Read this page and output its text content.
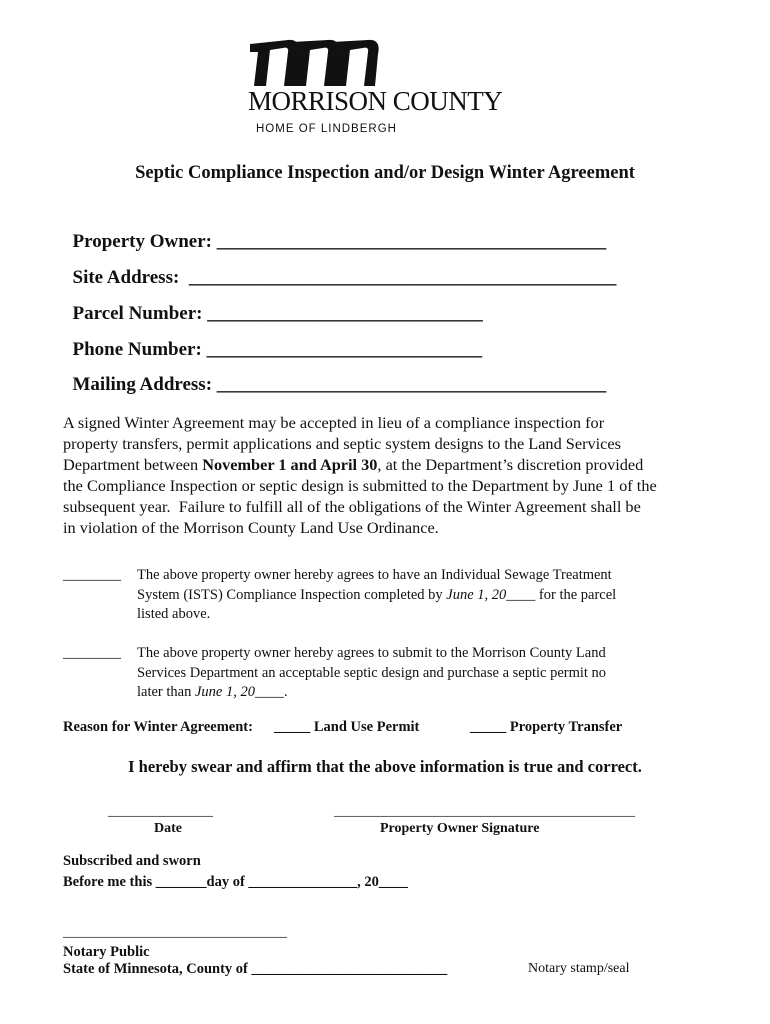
MORRISON COUNTY
HOME OF LINDBERGH
Septic Compliance Inspection and/or Design Winter Agreement

Property Owner: _________________________________________

Site Address: _____________________________________________

Parcel Number: _____________________________

Phone Number: _____________________________

Mailing Address: _________________________________________

A signed Winter Agreement may be accepted in lieu of a compliance inspection for
property transfers, permit applications and septic system designs to the Land Services
Department between November 1 and April 30, at the Department’s discretion provided
the Compliance Inspection or septic design is submitted to the Department by June 1 of the
subsequent year.  Failure to fulfill all of the obligations of the Winter Agreement shall be
in violation of the Morrison County Land Use Ordinance.
________ The above property owner hereby agrees to have an Individual Sewage Treatment
System (ISTS) Compliance Inspection completed by June 1, 20____ for the parcel
listed above.
________ The above property owner hereby agrees to submit to the Morrison County Land
Services Department an acceptable septic design and purchase a septic permit no
later than June 1, 20____.
Reason for Winter Agreement: _____ Land Use Permit	_____ Property Transfer
I hereby swear and affirm that the above information is true and correct.
_______________
Date
___________________________________________
Property Owner Signature
Subscribed and sworn
Before me this _______day of _______________, 20____
________________________________
Notary Public
State of Minnesota, County of ___________________________	Notary stamp/seal
